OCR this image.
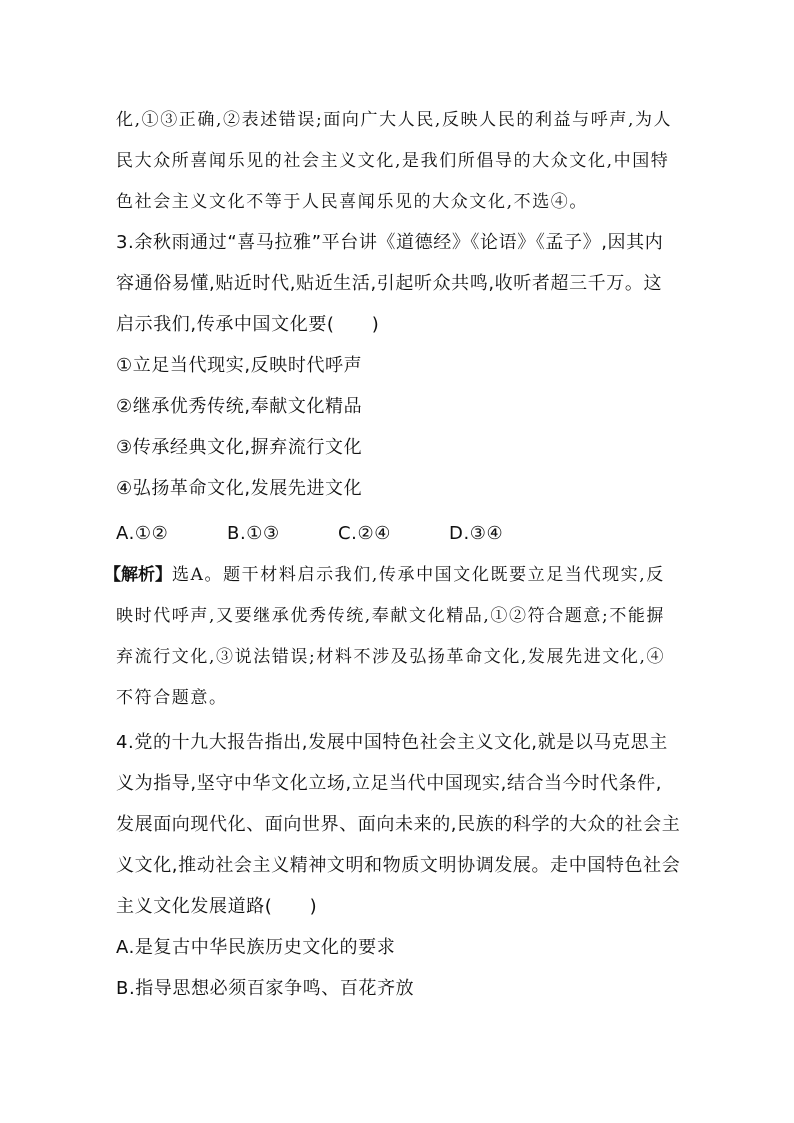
化,①③正确,②表述错误;面向广大人民,反映人民的利益与呼声,为人
民大众所喜闻乐见的社会主义文化,是我们所倡导的大众文化,中国特
色社会主义文化不等于人民喜闻乐见的大众文化,不选④。
3.余秋雨通过“喜马拉雅”平台讲《道德经》《论语》《孟子》,因其内
容通俗易懂,贴近时代,贴近生活,引起听众共鸣,收听者超三千万。这
启示我们,传承中国文化要(　　)
①立足当代现实,反映时代呼声
②继承优秀传统,奉献文化精品
③传承经典文化,摒弃流行文化
④弘扬革命文化,发展先进文化
A.①②	B.①③	C.②④	D.③④
【解析】选A。题干材料启示我们,传承中国文化既要立足当代现实,反
映时代呼声,又要继承优秀传统,奉献文化精品,①②符合题意;不能摒
弃流行文化,③说法错误;材料不涉及弘扬革命文化,发展先进文化,④
不符合题意。
4.党的十九大报告指出,发展中国特色社会主义文化,就是以马克思主
义为指导,坚守中华文化立场,立足当代中国现实,结合当今时代条件,
发展面向现代化、面向世界、面向未来的,民族的科学的大众的社会主
义文化,推动社会主义精神文明和物质文明协调发展。走中国特色社会
主义文化发展道路(　　)
A.是复古中华民族历史文化的要求
B.指导思想必须百家争鸣、百花齐放
